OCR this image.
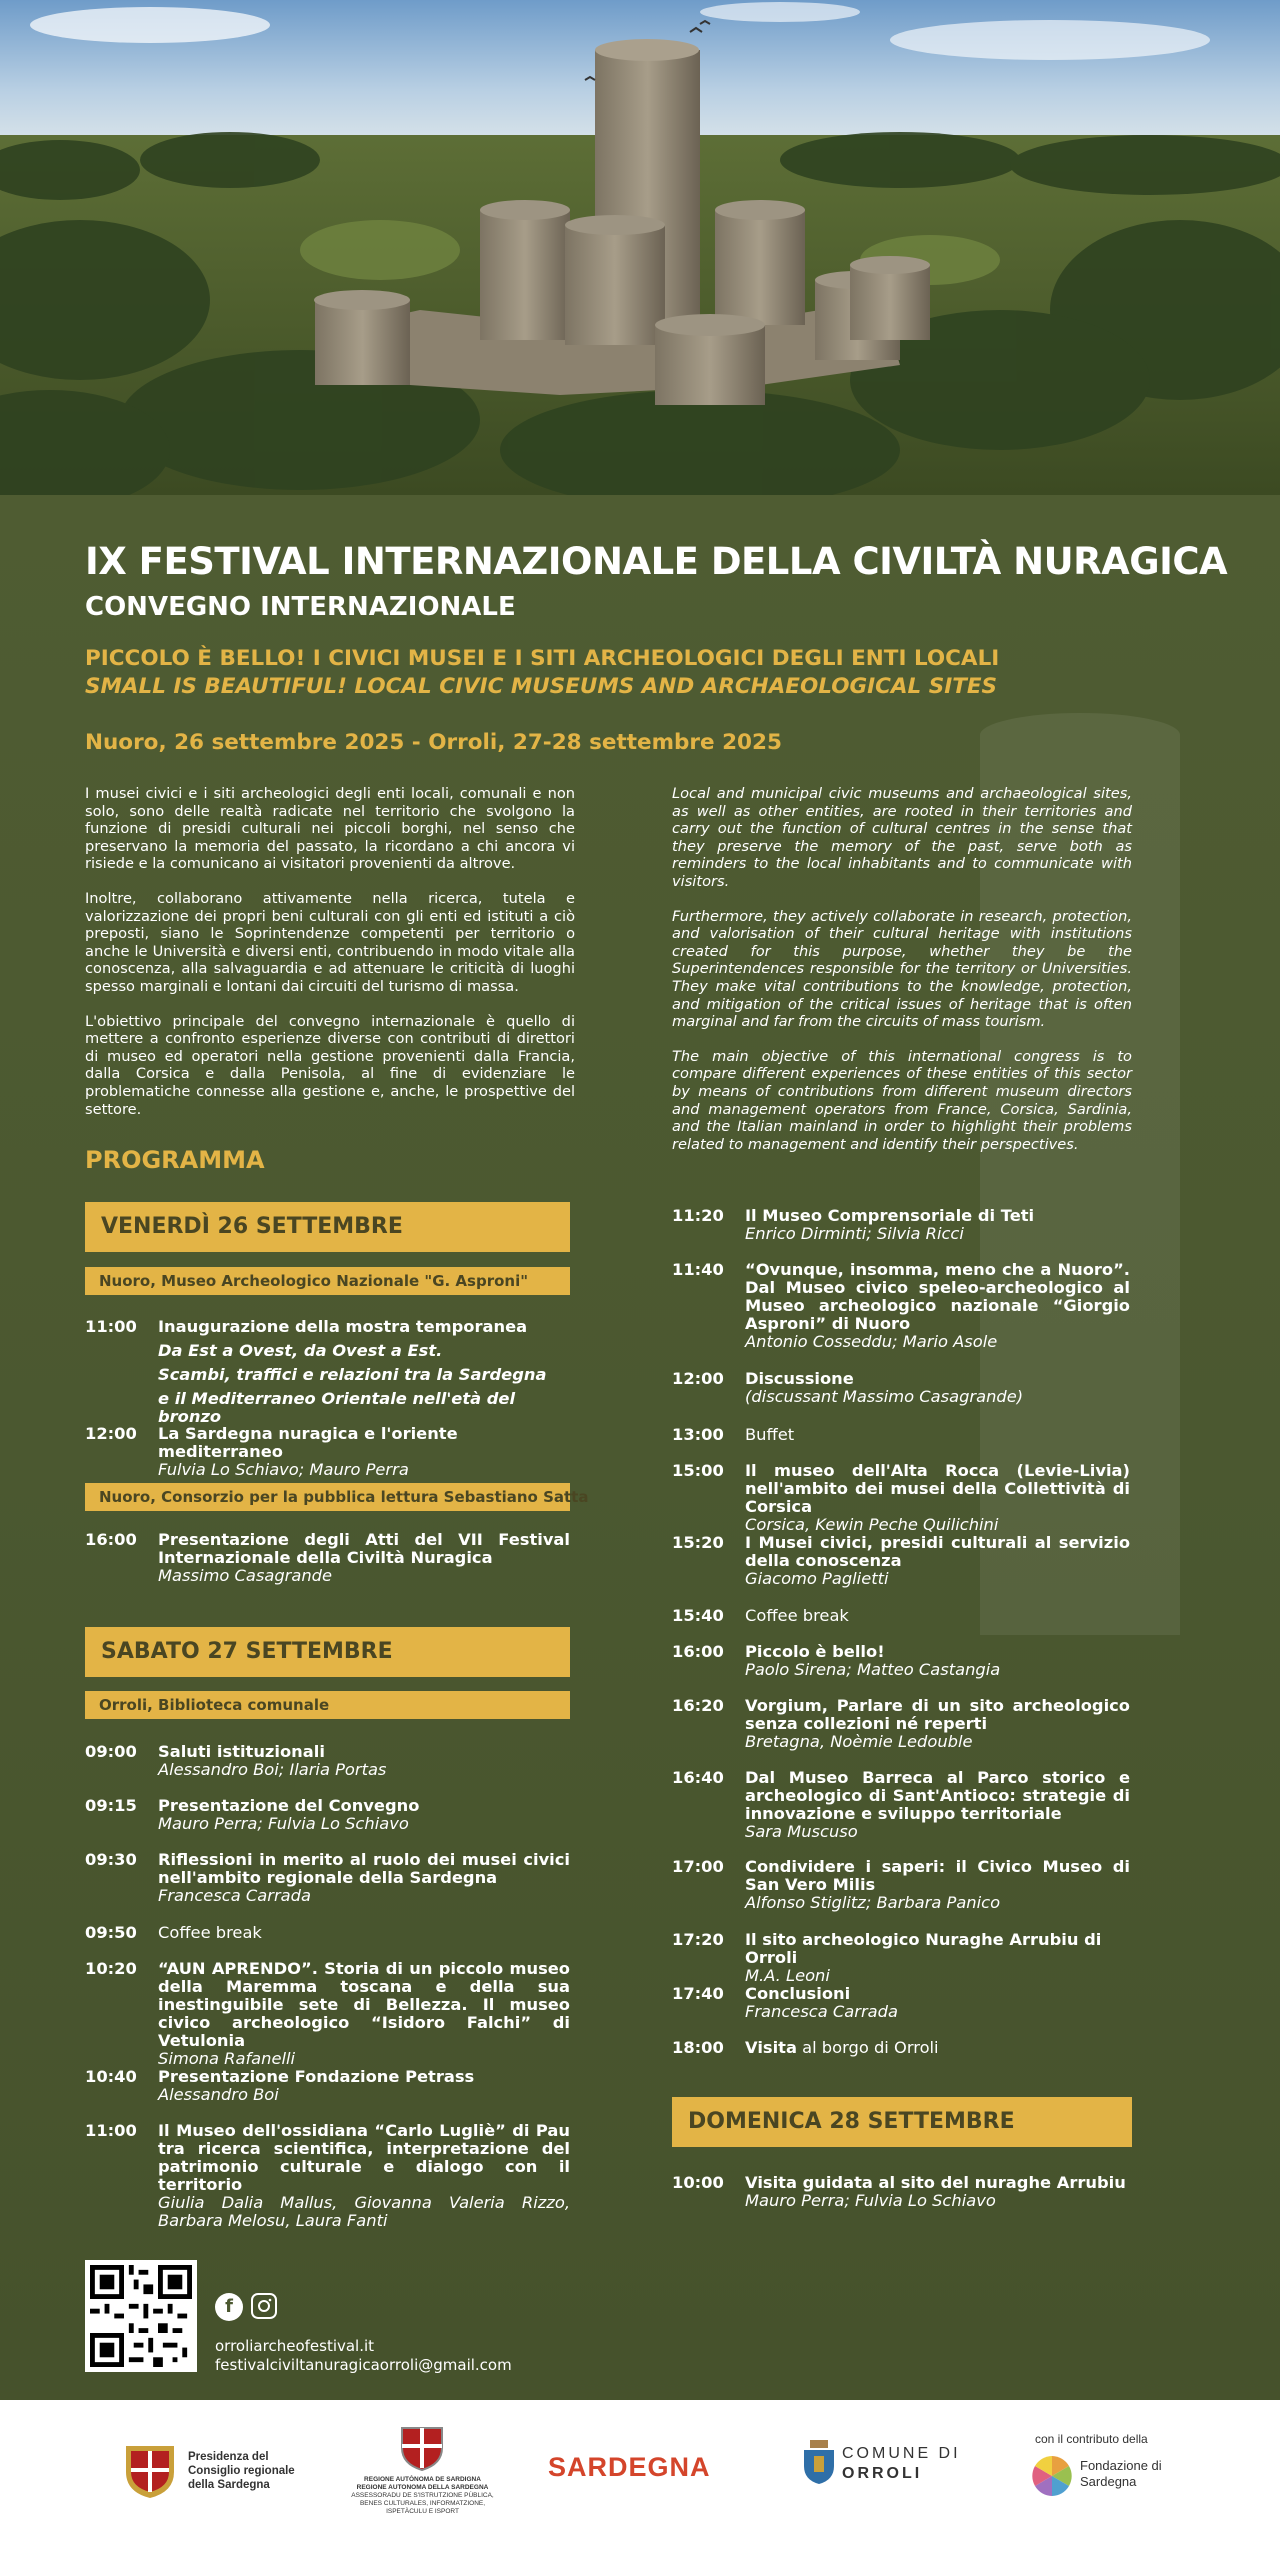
IX FESTIVAL INTERNAZIONALE DELLA CIVILTÀ NURAGICA
CONVEGNO INTERNAZIONALE
PICCOLO È BELLO! I CIVICI MUSEI E I SITI ARCHEOLOGICI DEGLI ENTI LOCALI
SMALL IS BEAUTIFUL! LOCAL CIVIC MUSEUMS AND ARCHAEOLOGICAL SITES
Nuoro, 26 settembre 2025 - Orroli, 27-28 settembre 2025

I musei civici e i siti archeologici degli enti locali, comunali e non solo, sono delle realtà radicate nel territorio che svolgono la funzione di presidi culturali nei piccoli borghi, nel senso che preservano la memoria del passato, la ricordano a chi ancora vi risiede e la comunicano ai visitatori provenienti da altrove.

Inoltre, collaborano attivamente nella ricerca, tutela e valorizzazione dei propri beni culturali con gli enti ed istituti a ciò preposti, siano le Soprintendenze competenti per territorio o anche le Università e diversi enti, contribuendo in modo vitale alla conoscenza, alla salvaguardia e ad attenuare le criticità di luoghi spesso marginali e lontani dai circuiti del turismo di massa.

L'obiettivo principale del convegno internazionale è quello di mettere a confronto esperienze diverse con contributi di direttori di museo ed operatori nella gestione provenienti dalla Francia, dalla Corsica e dalla Penisola, al fine di evidenziare le problematiche connesse alla gestione e, anche, le prospettive del settore.

Local and municipal civic museums and archaeological sites, as well as other entities, are rooted in their territories and carry out the function of cultural centres in the sense that they preserve the memory of the past, serve both as reminders to the local inhabitants and to communicate with visitors.

Furthermore, they actively collaborate in research, protection, and valorisation of their cultural heritage with institutions created for this purpose, whether they be the Superintendences responsible for the territory or Universities. They make vital contributions to the knowledge, protection, and mitigation of the critical issues of heritage that is often marginal and far from the circuits of mass tourism.

The main objective of this international congress is to compare different experiences of these entities of this sector by means of contributions from different museum directors and management operators from France, Corsica, Sardinia, and the Italian mainland in order to highlight their problems related to management and identify their perspectives.

PROGRAMMA
VENERDÌ 26 SETTEMBRE
Nuoro, Museo Archeologico Nazionale "G. Asproni"
11:00	Inaugurazione della mostra temporanea
Da Est a Ovest, da Ovest a Est.
Scambi, traffici e relazioni tra la Sardegna
e il Mediterraneo Orientale nell'età del bronzo
12:00	La Sardegna nuragica e l'oriente mediterraneo
Fulvia Lo Schiavo; Mauro Perra
Nuoro, Consorzio per la pubblica lettura Sebastiano Satta
16:00	Presentazione degli Atti del VII Festival Internazionale della Civiltà Nuragica
Massimo Casagrande
SABATO 27 SETTEMBRE
Orroli, Biblioteca comunale
09:00	Saluti istituzionali
Alessandro Boi; Ilaria Portas
09:15	Presentazione del Convegno
Mauro Perra; Fulvia Lo Schiavo
09:30	Riflessioni in merito al ruolo dei musei civici nell'ambito regionale della Sardegna
Francesca Carrada
09:50	Coffee break
10:20	“AUN APRENDO”. Storia di un piccolo museo della Maremma toscana e della sua inestinguibile sete di Bellezza. Il museo civico archeologico “Isidoro Falchi” di Vetulonia
Simona Rafanelli
10:40	Presentazione Fondazione Petrass
Alessandro Boi
11:00	Il Museo dell'ossidiana “Carlo Lugliè” di Pau tra ricerca scientifica, interpretazione del patrimonio culturale e dialogo con il territorio
Giulia Dalia Mallus, Giovanna Valeria Rizzo, Barbara Melosu, Laura Fanti
11:20	Il Museo Comprensoriale di Teti
Enrico Dirminti; Silvia Ricci
11:40	“Ovunque, insomma, meno che a Nuoro”. Dal Museo civico speleo-archeologico al Museo archeologico nazionale “Giorgio Asproni” di Nuoro
Antonio Cosseddu; Mario Asole
12:00	Discussione
(discussant Massimo Casagrande)
13:00	Buffet
15:00	Il museo dell'Alta Rocca (Levie-Livia) nell'ambito dei musei della Collettività di Corsica
Corsica, Kewin Peche Quilichini
15:20	I Musei civici, presidi culturali al servizio della conoscenza
Giacomo Paglietti
15:40	Coffee break
16:00	Piccolo è bello!
Paolo Sirena; Matteo Castangia
16:20	Vorgium, Parlare di un sito archeologico senza collezioni né reperti
Bretagna, Noèmie Ledouble
16:40	Dal Museo Barreca al Parco storico e archeologico di Sant'Antioco: strategie di innovazione e sviluppo territoriale
Sara Muscuso
17:00	Condividere i saperi: il Civico Museo di San Vero Milis
Alfonso Stiglitz; Barbara Panico
17:20	Il sito archeologico Nuraghe Arrubiu di Orroli
M.A. Leoni
17:40	Conclusioni
Francesca Carrada
18:00	Visita al borgo di Orroli
DOMENICA 28 SETTEMBRE
10:00	Visita guidata al sito del nuraghe Arrubiu
Mauro Perra; Fulvia Lo Schiavo
f
orroliarcheofestival.it
festivalciviltanuragicaorroli@gmail.com
Presidenza del Consiglio regionale della Sardegna	REGIONE AUTÒNOMA DE SARDIGNA
REGIONE AUTONOMA DELLA SARDEGNA
ASSESSORADU DE S'ISTRUTZIONE PÙBLICA, BENES CULTURALES, INFORMATZIONE, ISPETÀCULU E ISPORT
SARDEGNA	COMUNE DI
ORROLI
con il contributo della
Fondazione di Sardegna
